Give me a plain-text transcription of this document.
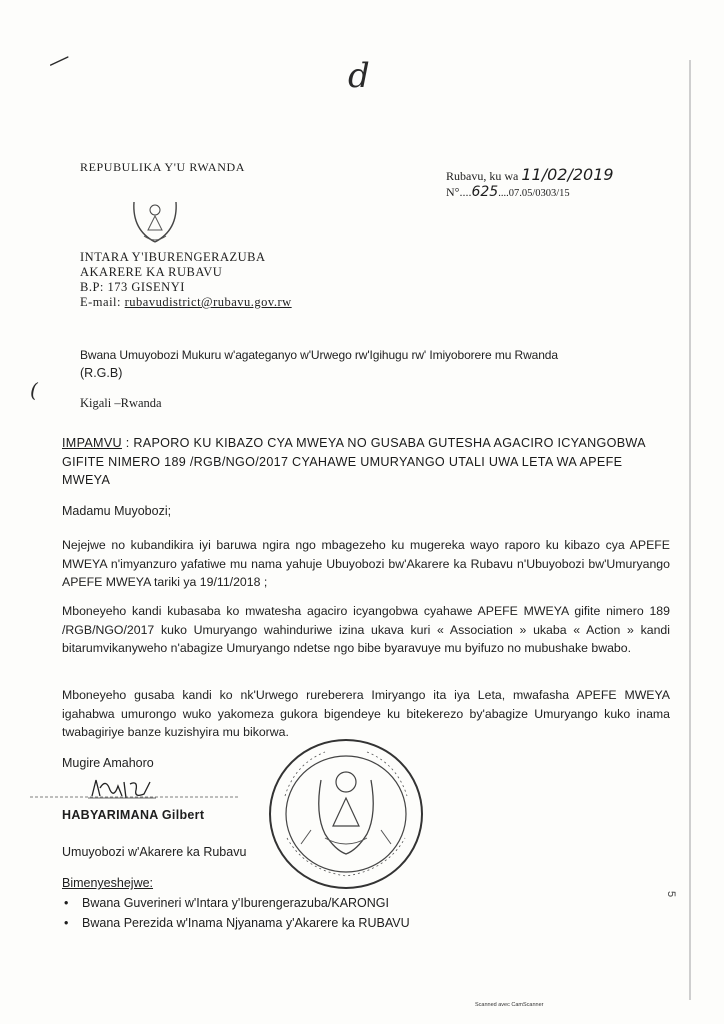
—	d
(
REPUBULIKA Y'U RWANDA
Rubavu, ku wa 11/02/2019
N°....625....07.05/0303/15
INTARA Y'IBURENGERAZUBA
AKARERE KA RUBAVU
B.P: 173 GISENYI
E-mail: rubavudistrict@rubavu.gov.rw
Bwana Umuyobozi Mukuru w'agateganyo w'Urwego rw'Igihugu rw' Imiyoborere mu Rwanda
(R.G.B)
Kigali –Rwanda
IMPAMVU : RAPORO KU KIBAZO CYA MWEYA NO GUSABA GUTESHA AGACIRO ICYANGOBWA GIFITE NIMERO 189 /RGB/NGO/2017 CYAHAWE UMURYANGO UTALI UWA LETA WA APEFE MWEYA
Madamu Muyobozi;
Nejejwe no kubandikira iyi baruwa ngira ngo mbagezeho ku mugereka wayo raporo ku kibazo cya APEFE MWEYA n'imyanzuro yafatiwe mu nama yahuje Ubuyobozi bw'Akarere ka Rubavu n'Ubuyobozi bw'Umuryango APEFE MWEYA tariki ya 19/11/2018 ;
Mboneyeho kandi kubasaba ko mwatesha agaciro icyangobwa cyahawe APEFE MWEYA gifite nimero 189 /RGB/NGO/2017 kuko Umuryango wahinduriwe izina ukava kuri « Association » ukaba « Action » kandi bitarumvikanyweho n'abagize Umuryango ndetse ngo bibe byaravuye mu byifuzo no mubushake bwabo.
Mboneyeho gusaba kandi ko nk'Urwego rureberera Imiryango ita iya Leta, mwafasha APEFE MWEYA igahabwa umurongo wuko yakomeza gukora bigendeye ku bitekerezo by'abagize Umuryango kuko inama twabagiriye banze kuzishyira mu bikorwa.
Mugire Amahoro
HABYARIMANA Gilbert
Umuyobozi w'Akarere ka Rubavu
Bimenyeshejwe:
• Bwana Guverineri w'Intara y'Iburengerazuba/KARONGI
• Bwana Perezida w'Inama Njyanama y'Akarere ka RUBAVU
5
Scanned avec CamScanner
